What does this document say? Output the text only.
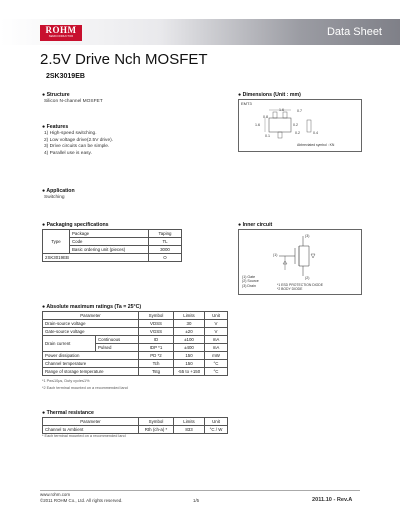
ROHM
SEMICONDUCTOR	Data Sheet
2.5V Drive Nch MOSFET
2SK3019EB
● Structure
Silicon N-channel MOSFET
● Dimensions (Unit : mm)
EMT3
1.6	0.7
0.8
0.2
1.6
0.2
0.1
0.4
Abbreviated symbol : KN
● Features
1) High-speed switching.
2) Low voltage drive(2.5V drive).
3) Drive circuits can be simple.
4) Parallel use is easy.
● Application
Switching
● Packaging specifications
Type	Package	Taping
	Code	TL
	Basic ordering unit (pieces)	3000
2SK3019EB		O
● Inner circuit
(3)
(1)
(2)
(1) Gate
(2) Source
(3) Drain	*1 ESD PROTECTION DIODE
*2 BODY DIODE
● Absolute maximum ratings (Ta = 25°C)
Parameter		Symbol	Limits	Unit
Drain-source voltage		VDSS	30	V
Gate-source voltage		VGSS	±20	V
Drain current	Continuous	ID	±100	mA
	Pulsed	IDP *1	±400	mA
Power dissipation		PD *2	150	mW
Channel temperature		Tch	150	°C
Range of storage temperature		Tstg	-55 to +150	°C
*1 Pw≤10μs, Duty cycle≤1%
*2 Each terminal mounted on a recommended land
● Thermal resistance
Parameter	Symbol	Limits	Unit
Channel to Ambient	Rth (ch-a) *	833	°C / W
* Each terminal mounted on a recommended land
www.rohm.com
©2011 ROHM Co., Ltd. All rights reserved.	1/5	2011.10 - Rev.A
